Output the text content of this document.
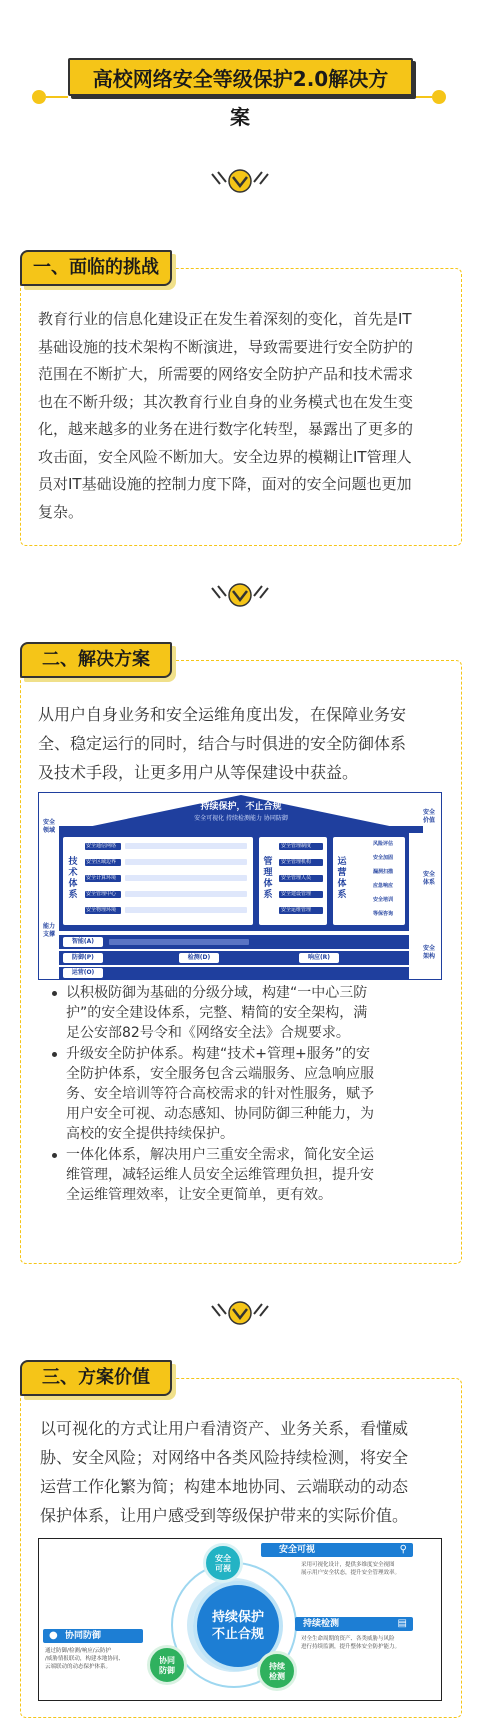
高校网络安全等级保护2.0解决方
案
一、面临的挑战
教育行业的信息化建设正在发生着深刻的变化，首先是IT
基础设施的技术架构不断演进，导致需要进行安全防护的
范围在不断扩大，所需要的网络安全防护产品和技术需求
也在不断升级；其次教育行业自身的业务模式也在发生变
化，越来越多的业务在进行数字化转型，暴露出了更多的
攻击面，安全风险不断加大。安全边界的模糊让IT管理人
员对IT基础设施的控制力度下降，面对的安全问题也更加
复杂。
二、解决方案
从用户自身业务和安全运维角度出发，在保障业务安
全、稳定运行的同时，结合与时俱进的安全防御体系
及技术手段，让更多用户从等保建设中获益。
持续保护，不止合规
安全可视化 持续检测能力 协同防御
安全 领域
能力 支撑
安全 价值
安全 体系
安全 架构
技术体系
安全通信网络
安全区域边界
安全计算环境
安全管理中心
安全物理环境
管理体系
安全管理制度
安全管理机构
安全管理人员
安全建设管理
安全运维管理
运营体系
风险评估
安全加固
漏洞扫描
应急响应
安全培训
等保咨询
智能(A)
防御(P)	检测(D)	响应(R)
运营(O)
以积极防御为基础的分级分域，构建“一中心三防
护”的安全建设体系，完整、精简的安全架构，满
足公安部82号令和《网络安全法》合规要求。
升级安全防护体系。构建“技术+管理+服务”的安
全防护体系，安全服务包含云端服务、应急响应服
务、安全培训等符合高校需求的针对性服务，赋予
用户安全可视、动态感知、协同防御三种能力，为
高校的安全提供持续保护。
一体化体系，解决用户三重安全需求，简化安全运
维管理，减轻运维人员安全运维管理负担，提升安
全运维管理效率，让安全更简单，更有效。
三、方案价值
以可视化的方式让用户看清资产、业务关系，看懂威
胁、安全风险；对网络中各类风险持续检测，将安全
运营工作化繁为简；构建本地协同、云端联动的动态
保护体系，让用户感受到等级保护带来的实际价值。
持续保护
不止合规
安全
可视
协同
防御	持续
检测
安全可视	⚲
采用可视化设计，提供多维度安全视图
展示用户安全状态，提升安全管理效率。
持续检测	▤
对全生命周期的资产、各类威胁与风险
进行持续监测，提升整体安全防护能力。
● 协同防御
通过防御/检测/响应/云防护
/威胁情报联动，构建本地协同、
云端联动的动态保护体系。
